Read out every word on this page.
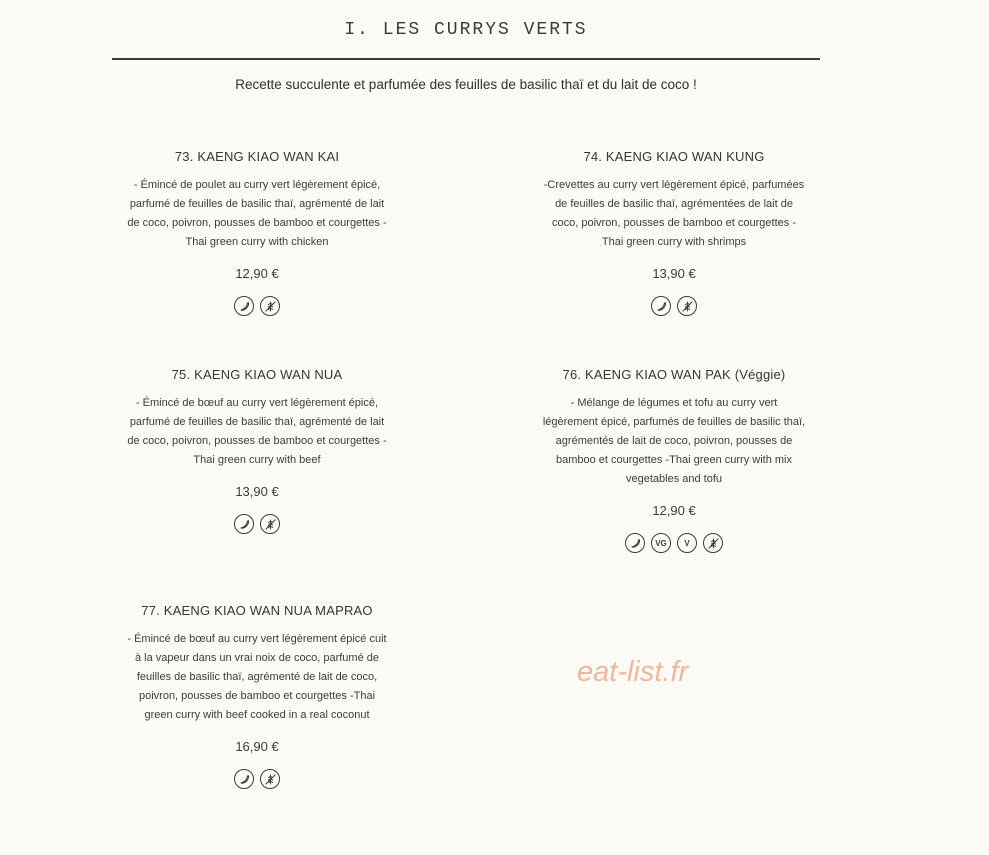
I. LES CURRYS VERTS
Recette succulente et parfumée des feuilles de basilic thaï et du lait de coco !
73. KAENG KIAO WAN KAI

- Émincé de poulet au curry vert légèrement épicé,
parfumé de feuilles de basilic thaï, agrémenté de lait
de coco, poivron, pousses de bamboo et courgettes -
Thai green curry with chicken

12,90 €
74. KAENG KIAO WAN KUNG

-Crevettes au curry vert légèrement épicé, parfumées
de feuilles de basilic thaï, agrémentées de lait de
coco, poivron, pousses de bamboo et courgettes -
Thai green curry with shrimps

13,90 €
75. KAENG KIAO WAN NUA

- Émincé de bœuf au curry vert légèrement épicé,
parfumé de feuilles de basilic thaï, agrémenté de lait
de coco, poivron, pousses de bamboo et courgettes -
Thai green curry with beef

13,90 €
76. KAENG KIAO WAN PAK (Véggie)

- Mélange de légumes et tofu au curry vert
légèrement épicé, parfumés de feuilles de basilic thaï,
agrémentés de lait de coco, poivron, pousses de
bamboo et courgettes -Thai green curry with mix
vegetables and tofu

12,90 €
VG V
77. KAENG KIAO WAN NUA MAPRAO

- Émincé de bœuf au curry vert légèrement épicé cuit
à la vapeur dans un vrai noix de coco, parfumé de
feuilles de basilic thaï, agrémenté de lait de coco,
poivron, pousses de bamboo et courgettes -Thai
green curry with beef cooked in a real coconut

16,90 €
eat-list.fr
